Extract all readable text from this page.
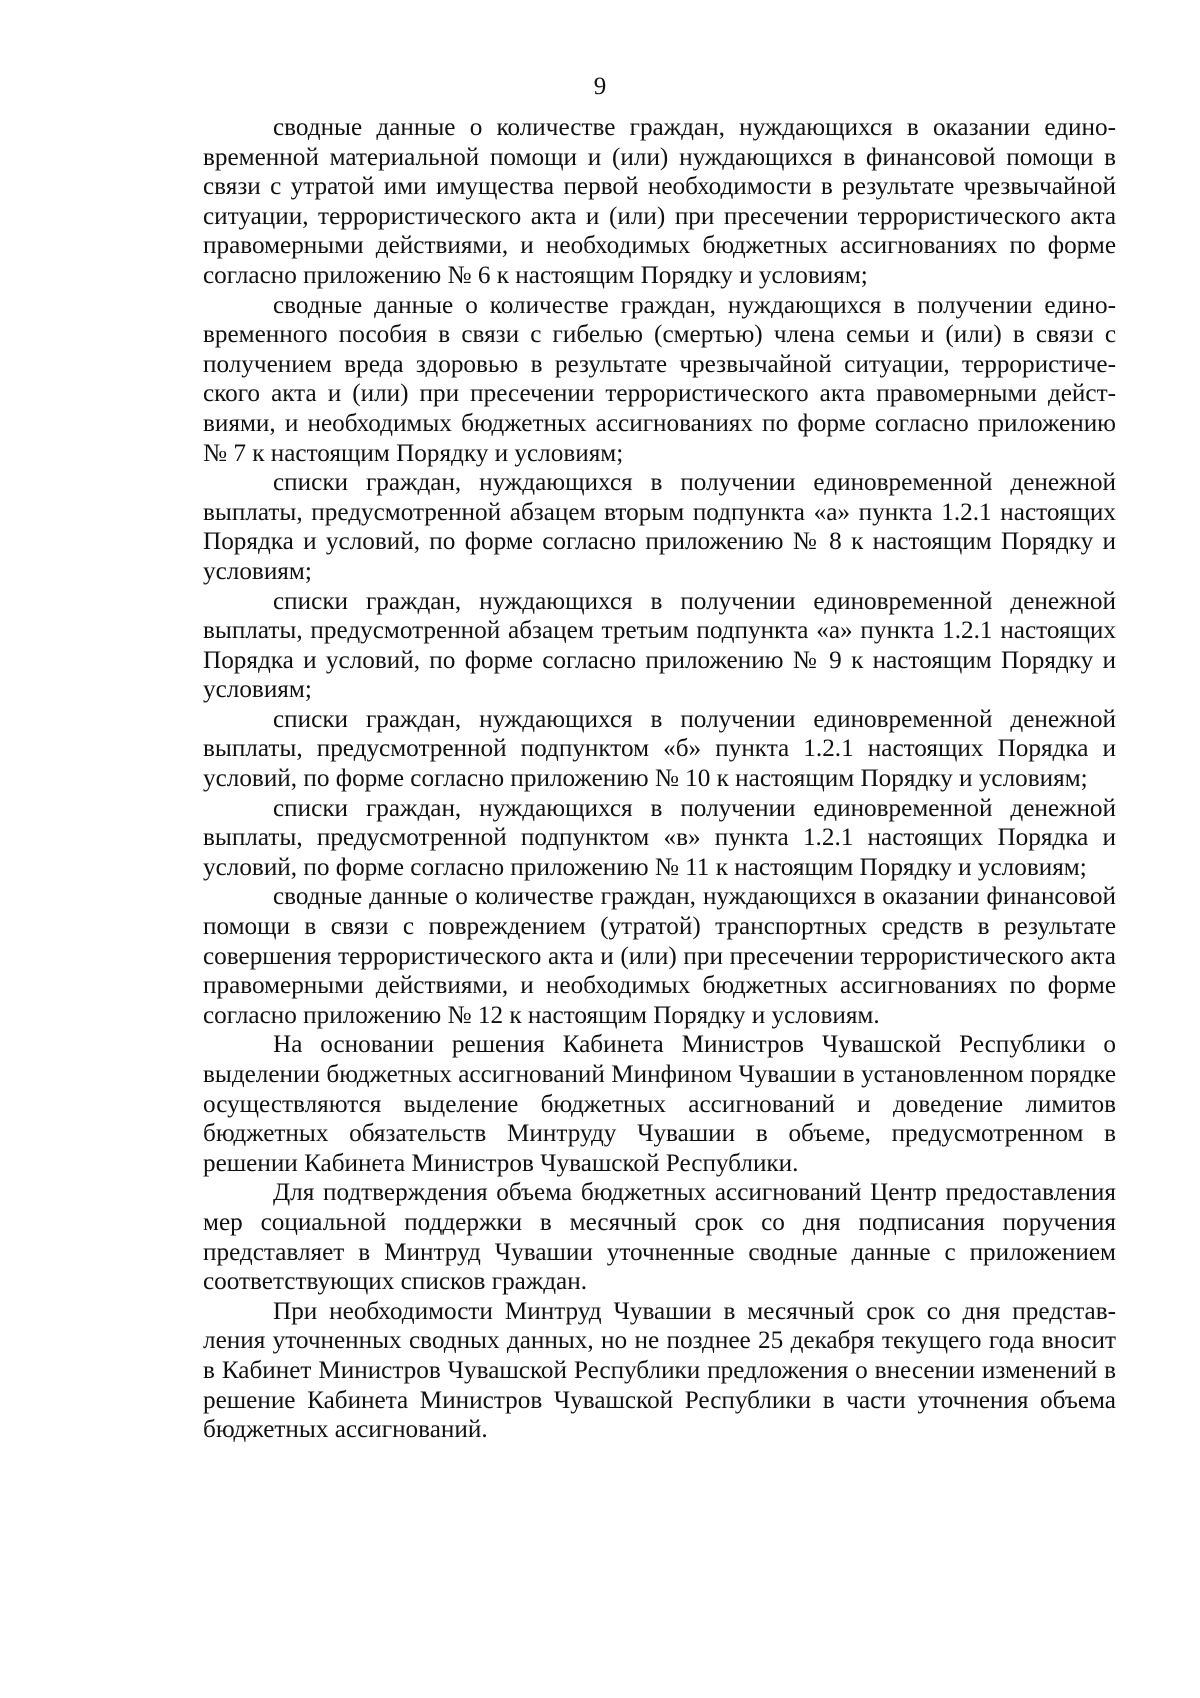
9

сводные данные о количестве граждан, нуждающихся в оказании единовременной материальной помощи и (или) нуждающихся в финансовой помощи в связи с утратой ими имущества первой необходимости в результате чрезвычайной ситуации, террористического акта и (или) при пресечении террористического акта правомерными действиями, и необходимых бюджетных ассигнованиях по форме согласно приложению № 6 к настоящим Порядку и условиям;

сводные данные о количестве граждан, нуждающихся в получении единовременного пособия в связи с гибелью (смертью) члена семьи и (или) в связи с получением вреда здоровью в результате чрезвычайной ситуации, террористического акта и (или) при пресечении террористического акта правомерными действиями, и необходимых бюджетных ассигнованиях по форме согласно приложению № 7 к настоящим Порядку и условиям;

списки граждан, нуждающихся в получении единовременной денежной выплаты, предусмотренной абзацем вторым подпункта «а» пункта 1.2.1 настоящих Порядка и условий, по форме согласно приложению № 8 к настоящим Порядку и условиям;

списки граждан, нуждающихся в получении единовременной денежной выплаты, предусмотренной абзацем третьим подпункта «а» пункта 1.2.1 настоящих Порядка и условий, по форме согласно приложению № 9 к настоящим Порядку и условиям;

списки граждан, нуждающихся в получении единовременной денежной выплаты, предусмотренной подпунктом «б» пункта 1.2.1 настоящих Порядка и условий, по форме согласно приложению № 10 к настоящим Порядку и условиям;

списки граждан, нуждающихся в получении единовременной денежной выплаты, предусмотренной подпунктом «в» пункта 1.2.1 настоящих Порядка и условий, по форме согласно приложению № 11 к настоящим Порядку и условиям;

сводные данные о количестве граждан, нуждающихся в оказании финансовой помощи в связи с повреждением (утратой) транспортных средств в результате совершения террористического акта и (или) при пресечении террористического акта правомерными действиями, и необходимых бюджетных ассигнованиях по форме согласно приложению № 12 к настоящим Порядку и условиям.

На основании решения Кабинета Министров Чувашской Республики о выделении бюджетных ассигнований Минфином Чувашии в установленном порядке осуществляются выделение бюджетных ассигнований и доведение лимитов бюджетных обязательств Минтруду Чувашии в объеме, предусмотренном в решении Кабинета Министров Чувашской Республики.

Для подтверждения объема бюджетных ассигнований Центр предоставления мер социальной поддержки в месячный срок со дня подписания поручения представляет в Минтруд Чувашии уточненные сводные данные с приложением соответствующих списков граждан.

При необходимости Минтруд Чувашии в месячный срок со дня представления уточненных сводных данных, но не позднее 25 декабря текущего года вносит в Кабинет Министров Чувашской Республики предложения о внесении изменений в решение Кабинета Министров Чувашской Республики в части уточнения объема бюджетных ассигнований.
